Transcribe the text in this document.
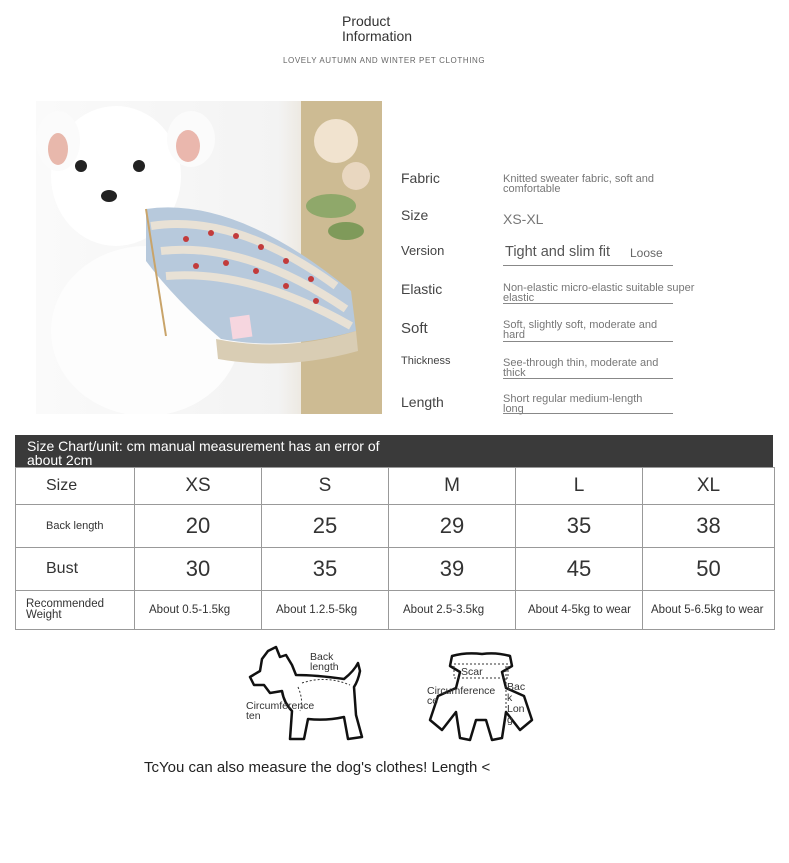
Product
Information
LOVELY AUTUMN AND WINTER PET CLOTHING
Fabric	Knitted sweater fabric, soft and comfortable
Size	XS-XL
Version	Tight and slim fit Loose
Elastic	Non-elastic micro-elastic suitable super elastic
Soft	Soft, slightly soft, moderate and hard
Thickness	See-through thin, moderate and thick
Length	Short regular medium-length long
Size Chart/unit: cm manual measurement has an error of about 2cm
Size	XS	S	M	L	XL
Back length	20	25	29	35	38
Bust	30	35	39	45	50
Recommended Weight	About 0.5-1.5kg	About 1.2.5-5kg	About 2.5-3.5kg	About 4-5kg to wear	About 5-6.5kg to wear
Back length
Circumference ten
Scar
Circumference ce
Bac k Lon g
TcYou can also measure the dog's clothes! Length <
